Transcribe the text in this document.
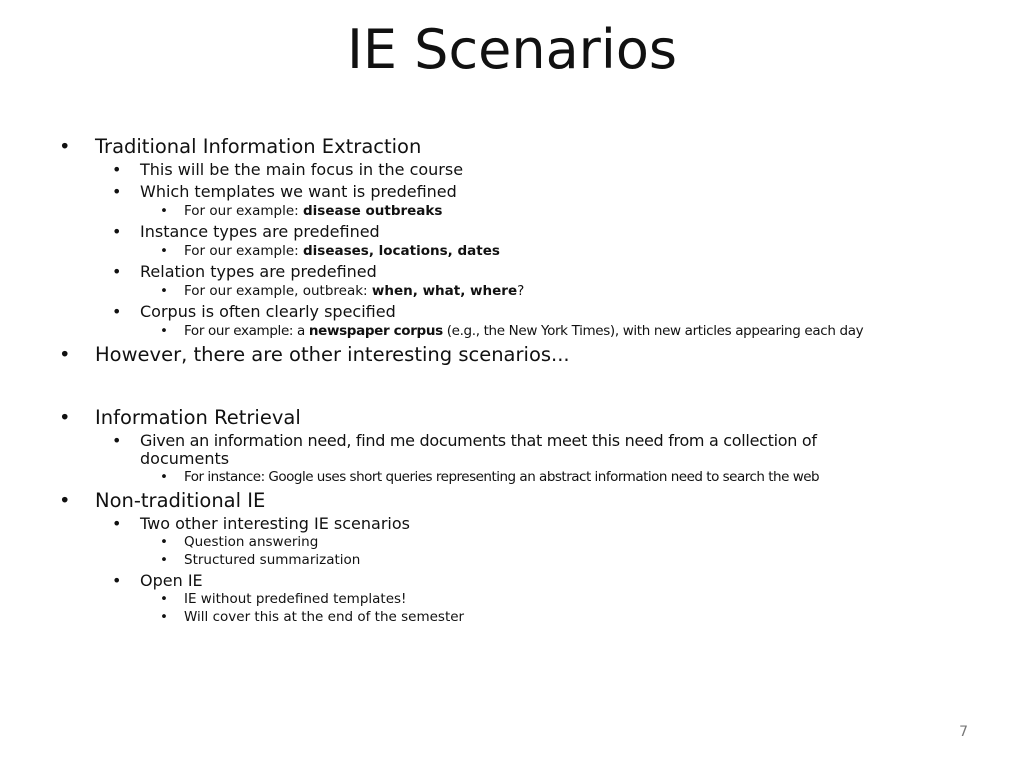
IE Scenarios
• Traditional Information Extraction
• This will be the main focus in the course
• Which templates we want is predefined
• For our example: disease outbreaks
• Instance types are predefined
• For our example: diseases, locations, dates
• Relation types are predefined
• For our example, outbreak: when, what, where?
• Corpus is often clearly specified
• For our example: a newspaper corpus (e.g., the New York Times), with new articles appearing each day
• However, there are other interesting scenarios...
• Information Retrieval
• Given an information need, find me documents that meet this need from a collection of
documents
• For instance: Google uses short queries representing an abstract information need to search the web
• Non-traditional IE
• Two other interesting IE scenarios
• Question answering
• Structured summarization
• Open IE
• IE without predefined templates!
• Will cover this at the end of the semester
7
